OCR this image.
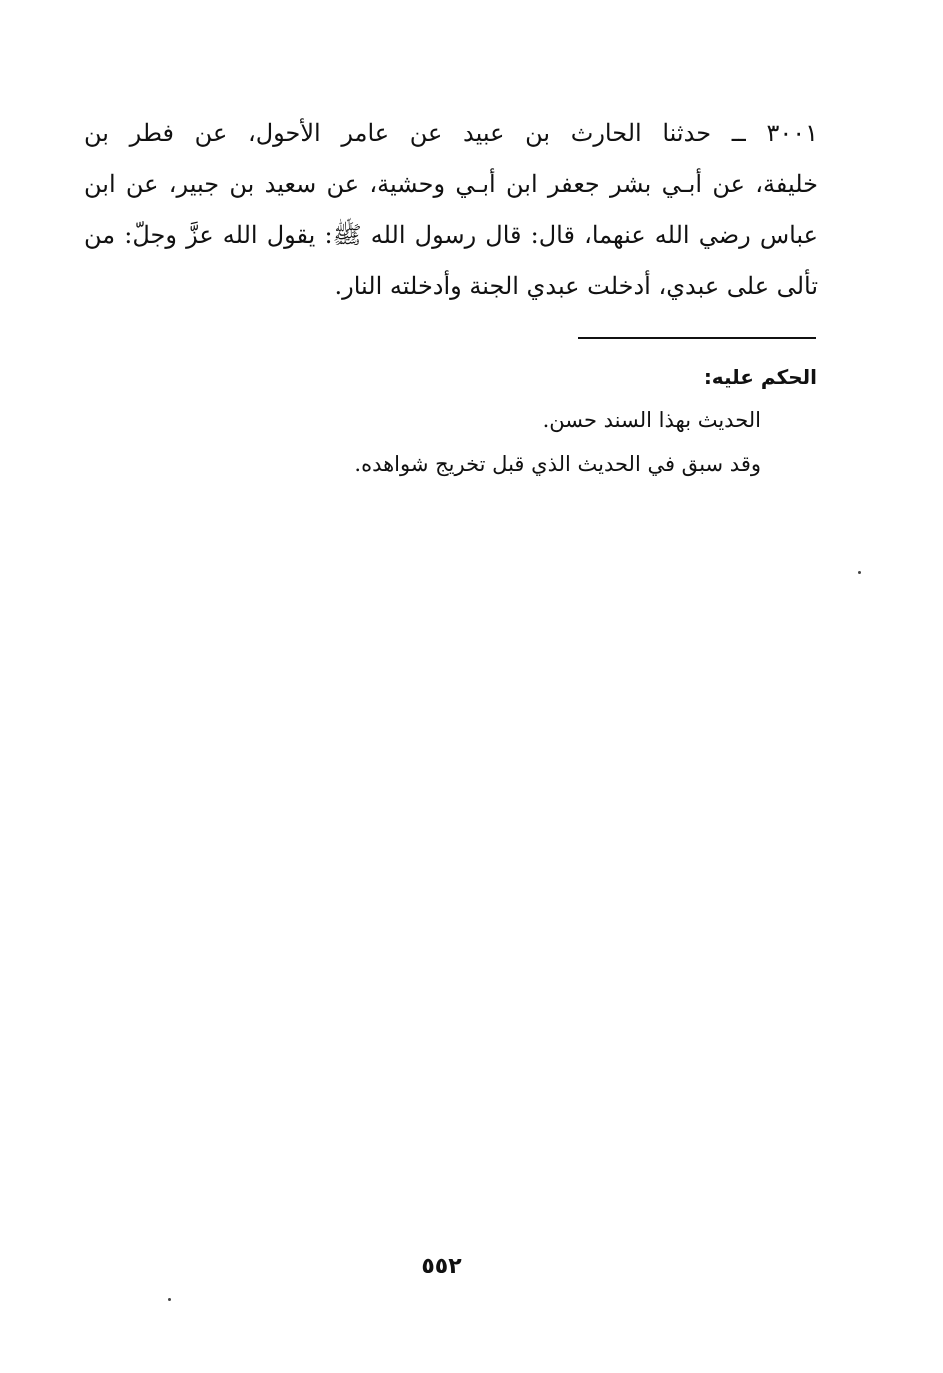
٣٠٠١ ــ حدثنا الحارث بن عبيد عن عامر الأحول، عن فطر بن
خليفة، عن أبـي بشر جعفر ابن أبـي وحشية، عن سعيد بن جبير، عن ابن
عباس رضي الله عنهما، قال: قال رسول الله ﷺ: يقول الله عزَّ وجلّ: من
تألى على عبدي، أدخلت عبدي الجنة وأدخلته النار.

الحكم عليه:

الحديث بهذا السند حسن.

وقد سبق في الحديث الذي قبل تخريج شواهده.

٥٥٢
